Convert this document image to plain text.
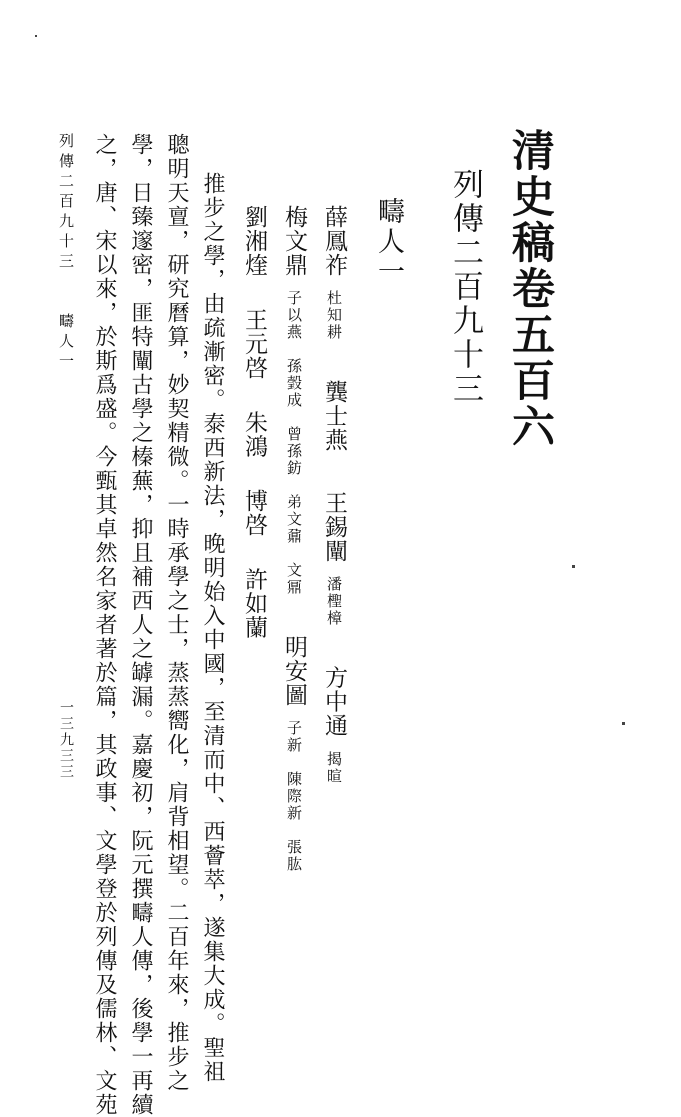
清史稿卷五百六
列傳二百九十三
疇人一
薛鳳祚 杜知耕  龔士燕  王錫闡 潘檉樟  方中通 揭暄
梅文鼎 子以燕　孫瑴成　曾孫鈁　弟文鼐　文鼏  明安圖 子新　陳際新　張肱
劉湘煃  王元啓  朱鴻  博啓  許如蘭
推步之學，由疏漸密。泰西新法，晚明始入中國，至清而中、西薈萃，遂集大成。聖祖
聰明天亶，研究曆算，妙契精微。一時承學之士，蒸蒸嚮化，肩背相望。二百年來，推步之
學，日臻邃密，匪特闡古學之榛蕪，抑且補西人之罅漏。嘉慶初，阮元撰疇人傳，後學一再續
之，唐、宋以來，於斯爲盛。今甄其卓然名家者著於篇，其政事、文學登於列傳及儒林、文苑
列傳二百九十三　　疇人一
一三九三三
